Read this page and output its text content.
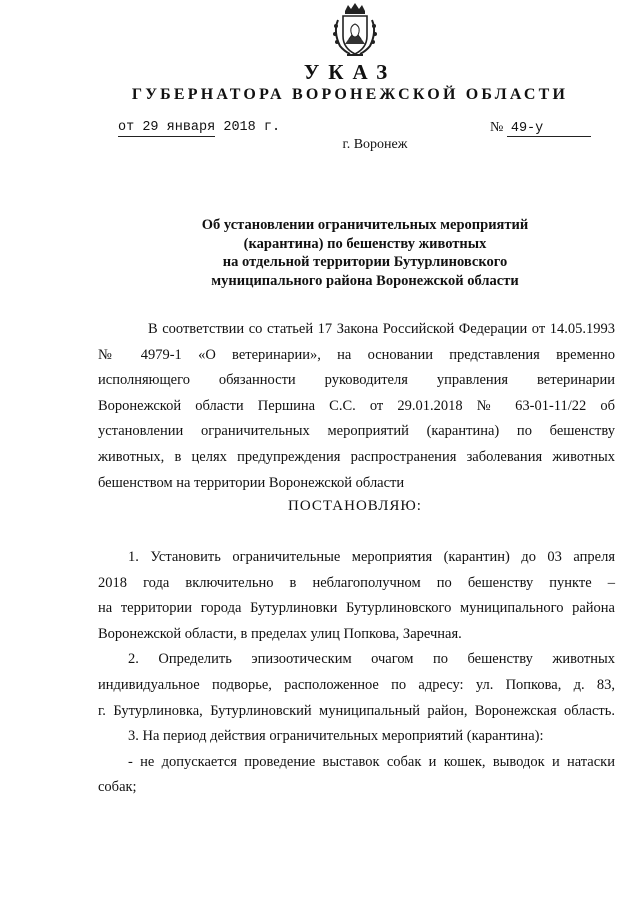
УКАЗ
ГУБЕРНАТОРА ВОРОНЕЖСКОЙ ОБЛАСТИ
от 29 января 2018 г.	№ 49-у
г. Воронеж
Об установлении ограничительных мероприятий
(карантина) по бешенству животных
на отдельной территории Бутурлиновского
муниципального района Воронежской области
В соответствии со статьей 17 Закона Российской Федерации от 14.05.1993
№ 4979-1 «О ветеринарии», на основании представления временно
исполняющего обязанности руководителя управления ветеринарии
Воронежской области Першина С.С. от 29.01.2018 № 63-01-11/22 об
установлении ограничительных мероприятий (карантина) по бешенству
животных, в целях предупреждения распространения заболевания животных
бешенством на территории Воронежской области
ПОСТАНОВЛЯЮ:
1. Установить ограничительные мероприятия (карантин) до 03 апреля
2018 года включительно в неблагополучном по бешенству пункте –
на территории города Бутурлиновки Бутурлиновского муниципального района
Воронежской области, в пределах улиц Попкова, Заречная.
2. Определить эпизоотическим очагом по бешенству животных
индивидуальное подворье, расположенное по адресу: ул. Попкова, д. 83,
г. Бутурлиновка, Бутурлиновский муниципальный район, Воронежская область.
3. На период действия ограничительных мероприятий (карантина):
- не допускается проведение выставок собак и кошек, выводок и натаски
собак;
